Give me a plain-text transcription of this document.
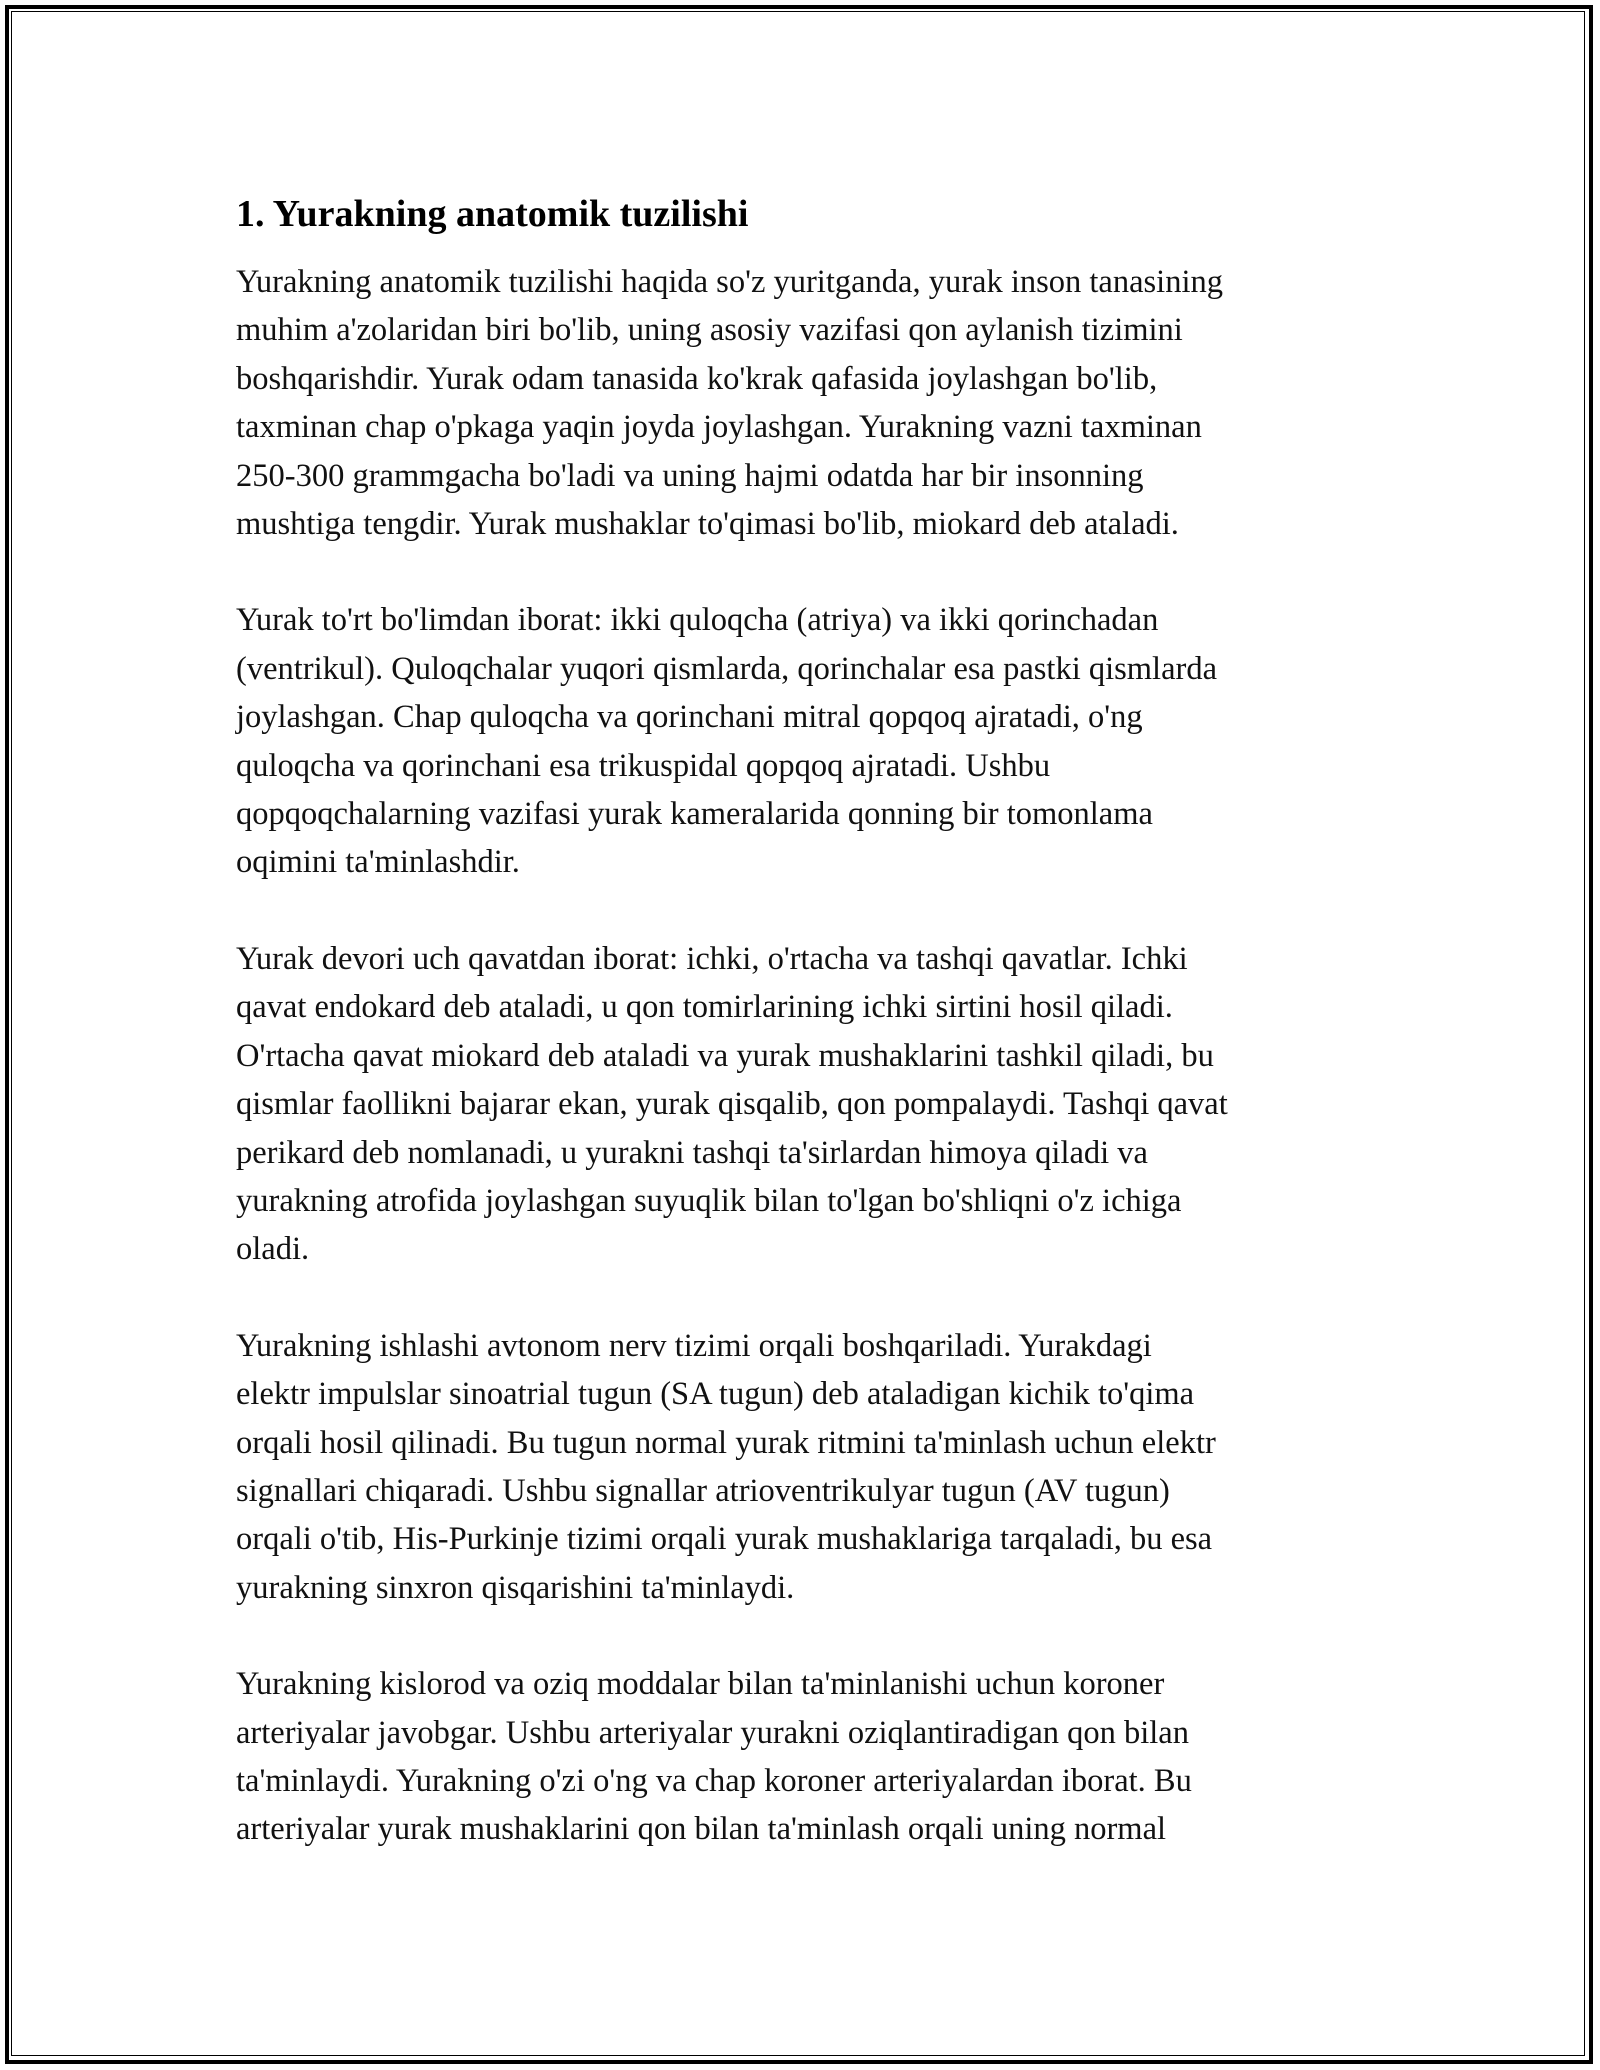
1. Yurakning anatomik tuzilishi

Yurakning anatomik tuzilishi haqida so'z yuritganda, yurak inson tanasining
muhim a'zolaridan biri bo'lib, uning asosiy vazifasi qon aylanish tizimini
boshqarishdir. Yurak odam tanasida ko'krak qafasida joylashgan bo'lib,
taxminan chap o'pkaga yaqin joyda joylashgan. Yurakning vazni taxminan
250-300 grammgacha bo'ladi va uning hajmi odatda har bir insonning
mushtiga tengdir. Yurak mushaklar to'qimasi bo'lib, miokard deb ataladi.

Yurak to'rt bo'limdan iborat: ikki quloqcha (atriya) va ikki qorinchadan
(ventrikul). Quloqchalar yuqori qismlarda, qorinchalar esa pastki qismlarda
joylashgan. Chap quloqcha va qorinchani mitral qopqoq ajratadi, o'ng
quloqcha va qorinchani esa trikuspidal qopqoq ajratadi. Ushbu
qopqoqchalarning vazifasi yurak kameralarida qonning bir tomonlama
oqimini ta'minlashdir.

Yurak devori uch qavatdan iborat: ichki, o'rtacha va tashqi qavatlar. Ichki
qavat endokard deb ataladi, u qon tomirlarining ichki sirtini hosil qiladi.
O'rtacha qavat miokard deb ataladi va yurak mushaklarini tashkil qiladi, bu
qismlar faollikni bajarar ekan, yurak qisqalib, qon pompalaydi. Tashqi qavat
perikard deb nomlanadi, u yurakni tashqi ta'sirlardan himoya qiladi va
yurakning atrofida joylashgan suyuqlik bilan to'lgan bo'shliqni o'z ichiga
oladi.

Yurakning ishlashi avtonom nerv tizimi orqali boshqariladi. Yurakdagi
elektr impulslar sinoatrial tugun (SA tugun) deb ataladigan kichik to'qima
orqali hosil qilinadi. Bu tugun normal yurak ritmini ta'minlash uchun elektr
signallari chiqaradi. Ushbu signallar atrioventrikulyar tugun (AV tugun)
orqali o'tib, His-Purkinje tizimi orqali yurak mushaklariga tarqaladi, bu esa
yurakning sinxron qisqarishini ta'minlaydi.

Yurakning kislorod va oziq moddalar bilan ta'minlanishi uchun koroner
arteriyalar javobgar. Ushbu arteriyalar yurakni oziqlantiradigan qon bilan
ta'minlaydi. Yurakning o'zi o'ng va chap koroner arteriyalardan iborat. Bu
arteriyalar yurak mushaklarini qon bilan ta'minlash orqali uning normal
